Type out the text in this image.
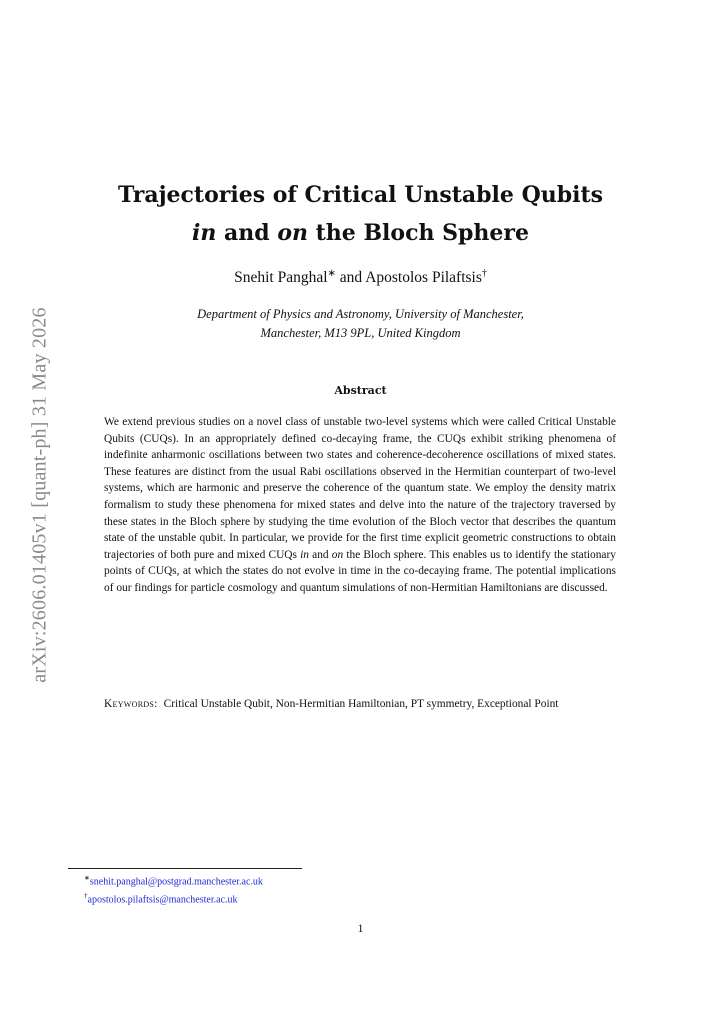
arXiv:2606.01405v1 [quant-ph] 31 May 2026
Trajectories of Critical Unstable Qubits
in and on the Bloch Sphere
Snehit Panghal∗ and Apostolos Pilaftsis†
Department of Physics and Astronomy, University of Manchester,
Manchester, M13 9PL, United Kingdom
Abstract
We extend previous studies on a novel class of unstable two-level systems which were called Critical Unstable Qubits (CUQs). In an appropriately defined co-decaying frame, the CUQs exhibit striking phenomena of indefinite anharmonic oscillations between two states and coherence-decoherence oscillations of mixed states. These features are distinct from the usual Rabi oscillations observed in the Hermitian counterpart of two-level systems, which are harmonic and preserve the coherence of the quantum state. We employ the density matrix formalism to study these phenomena for mixed states and delve into the nature of the trajectory traversed by these states in the Bloch sphere by studying the time evolution of the Bloch vector that describes the quantum state of the unstable qubit. In particular, we provide for the first time explicit geometric constructions to obtain trajectories of both pure and mixed CUQs in and on the Bloch sphere. This enables us to identify the stationary points of CUQs, at which the states do not evolve in time in the co-decaying frame. The potential implications of our findings for particle cosmology and quantum simulations of non-Hermitian Hamiltonians are discussed.
Keywords: Critical Unstable Qubit, Non-Hermitian Hamiltonian, PT symmetry, Exceptional Point
∗snehit.panghal@postgrad.manchester.ac.uk
†apostolos.pilaftsis@manchester.ac.uk
1
